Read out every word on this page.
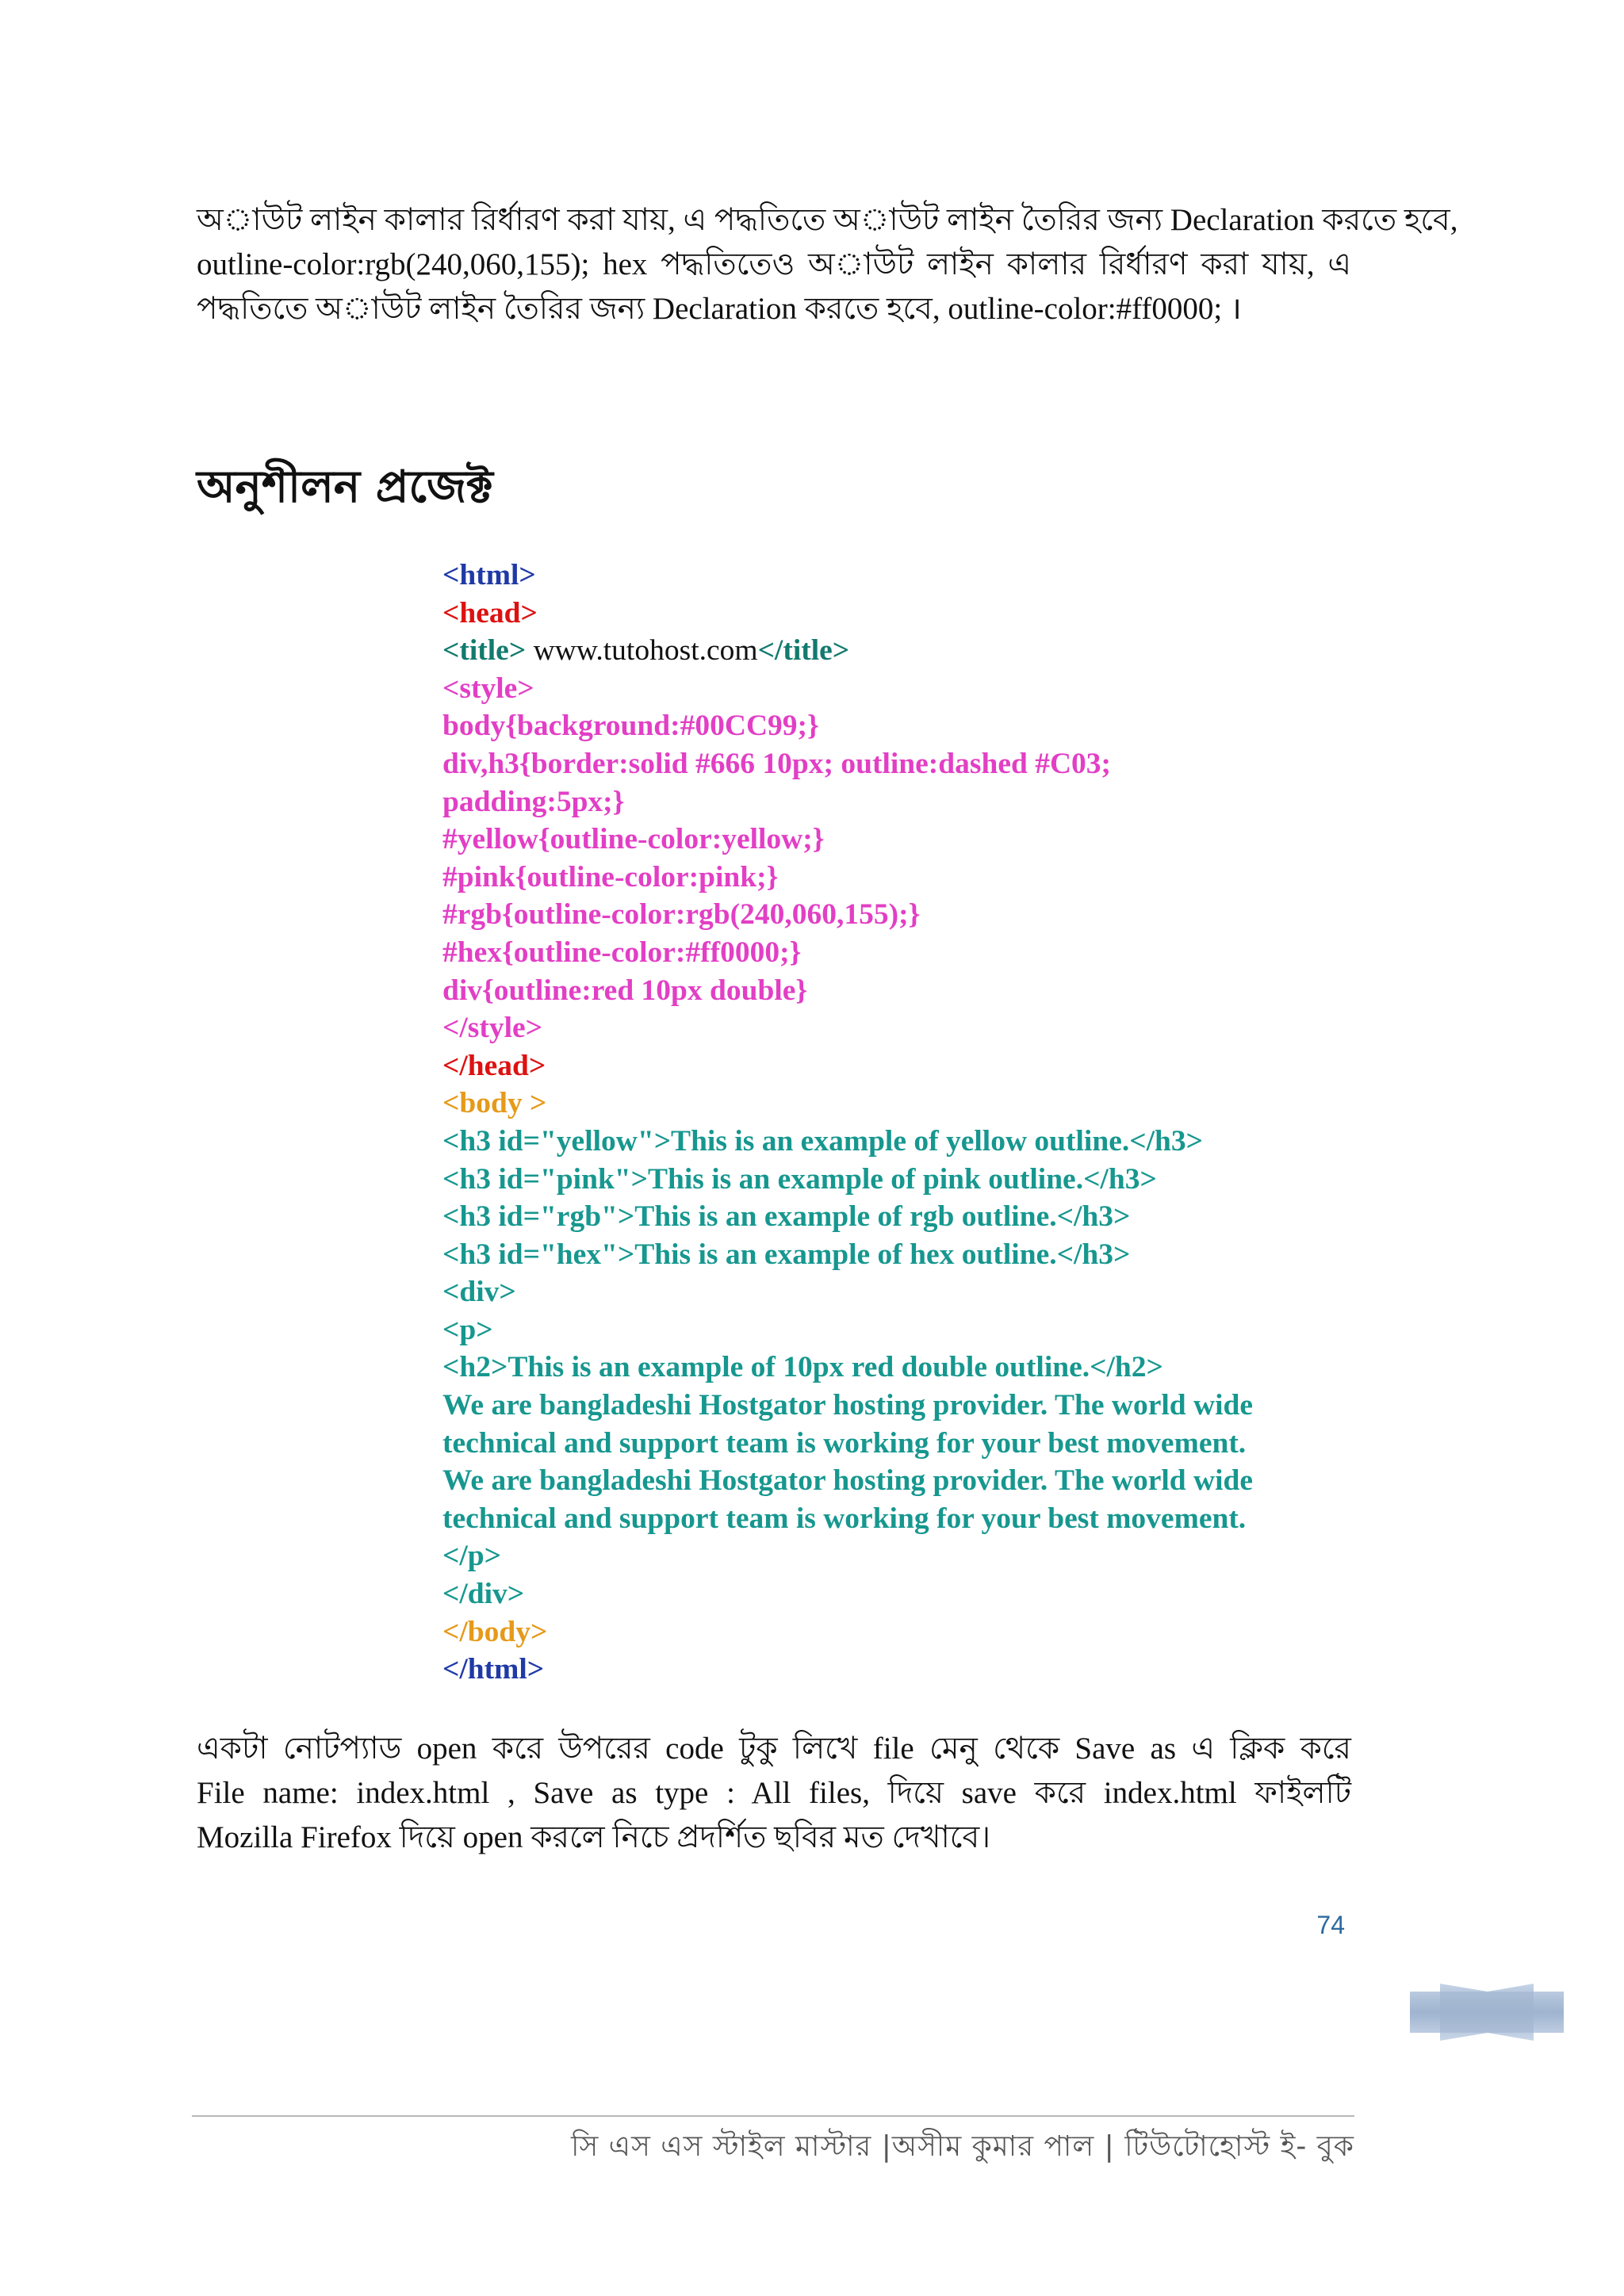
অাউট লাইন কালার রির্ধারণ করা যায়, এ পদ্ধতিতে অাউট লাইন তৈরির জন্য Declaration করতে হবে,
outline-color:rgb(240,060,155); hex পদ্ধতিতেও অাউট লাইন কালার রির্ধারণ করা যায়, এ
পদ্ধতিতে অাউট লাইন তৈরির জন্য Declaration করতে হবে, outline-color:#ff0000; ।
অনুশীলন প্রজেক্ট
<html>
<head>
<title> www.tutohost.com</title>
<style>
body{background:#00CC99;}
div,h3{border:solid #666 10px; outline:dashed #C03;
padding:5px;}
#yellow{outline-color:yellow;}
#pink{outline-color:pink;}
#rgb{outline-color:rgb(240,060,155);}
#hex{outline-color:#ff0000;}
div{outline:red 10px double}
</style>
</head>
<body >
<h3 id="yellow">This is an example of yellow outline.</h3>
<h3 id="pink">This is an example of pink outline.</h3>
<h3 id="rgb">This is an example of rgb outline.</h3>
<h3 id="hex">This is an example of hex outline.</h3>
<div>
<p>
<h2>This is an example of 10px red double outline.</h2>
We are bangladeshi Hostgator hosting provider. The world wide
technical and support team is working for your best movement.
We are bangladeshi Hostgator hosting provider. The world wide
technical and support team is working for your best movement.
</p>
</div>
</body>
</html>
একটা নোটপ্যাড open করে উপরের code টুকু লিখে file মেনু থেকে Save as এ ক্লিক করে
File name: index.html , Save as type : All files, দিয়ে save করে index.html ফাইলটি
Mozilla Firefox দিয়ে open করলে নিচে প্রদর্শিত ছবির মত দেখাবে।
74
সি এস এস স্টাইল মাস্টার |অসীম কুমার পাল | টিউটোহোস্ট ই- বুক
